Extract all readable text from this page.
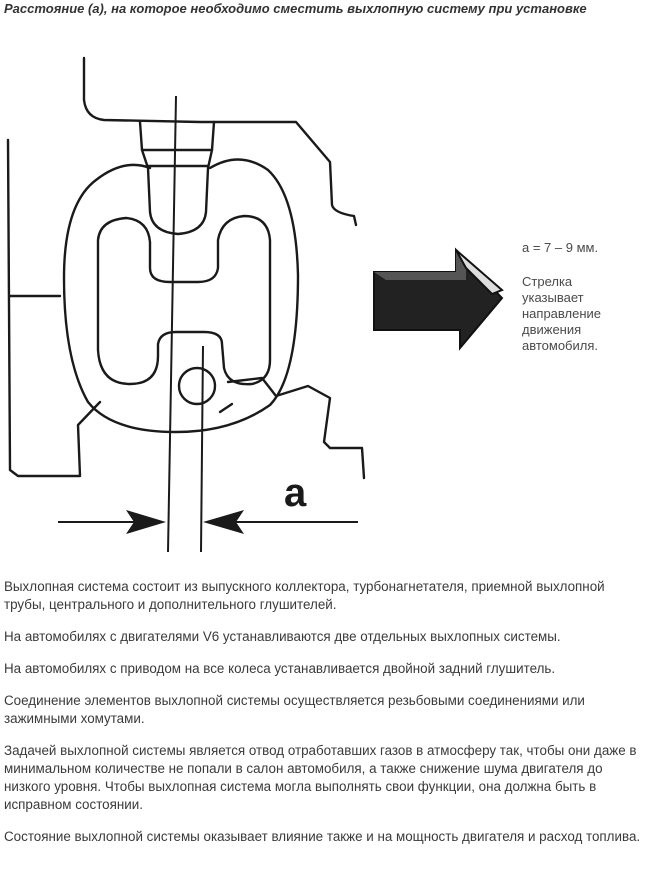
Расстояние (а), на которое необходимо сместить выхлопную систему при установке
a
a = 7 – 9 мм.
Стрелка указывает направление движения автомобиля.

Выхлопная система состоит из выпускного коллектора, турбонагнетателя, приемной выхлопной трубы, центрального и дополнительного глушителей.

На автомобилях с двигателями V6 устанавливаются две отдельных выхлопных системы.

На автомобилях с приводом на все колеса устанавливается двойной задний глушитель.

Соединение элементов выхлопной системы осуществляется резьбовыми соединениями или зажимными хомутами.

Задачей выхлопной системы является отвод отработавших газов в атмосферу так, чтобы они даже в минимальном количестве не попали в салон автомобиля, а также снижение шума двигателя до низкого уровня. Чтобы выхлопная система могла выполнять свои функции, она должна быть в исправном состоянии.

Состояние выхлопной системы оказывает влияние также и на мощность двигателя и расход топлива.
